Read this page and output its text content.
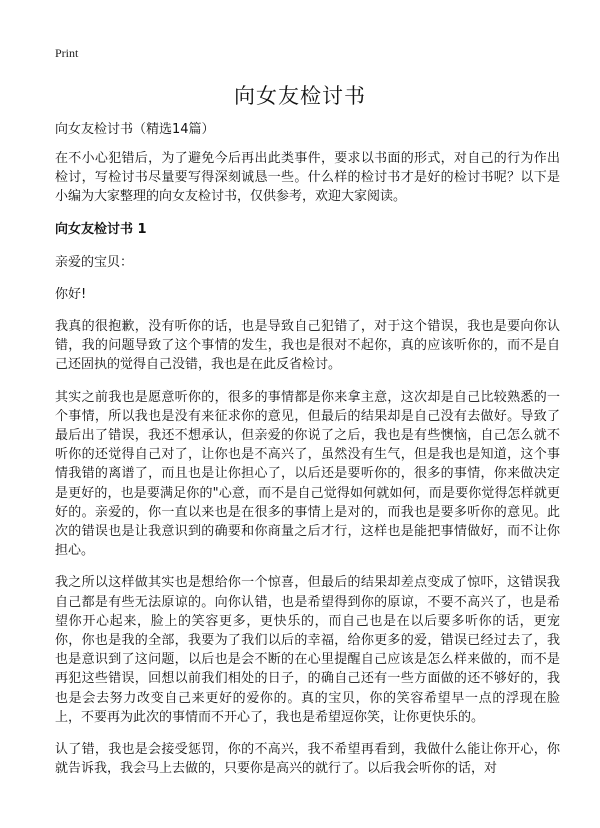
Print
向女友检讨书
向女友检讨书（精选14篇）

在不小心犯错后，为了避免今后再出此类事件，要求以书面的形式，对自己的行为作出检讨，写检讨书尽量要写得深刻诚恳一些。什么样的检讨书才是好的检讨书呢？以下是小编为大家整理的向女友检讨书，仅供参考，欢迎大家阅读。

向女友检讨书 1

亲爱的宝贝：

你好!

我真的很抱歉，没有听你的话，也是导致自己犯错了，对于这个错误，我也是要向你认错，我的问题导致了这个事情的发生，我也是很对不起你，真的应该听你的，而不是自己还固执的觉得自己没错，我也是在此反省检讨。

其实之前我也是愿意听你的，很多的事情都是你来拿主意，这次却是自己比较熟悉的一个事情，所以我也是没有来征求你的意见，但最后的结果却是自己没有去做好。导致了最后出了错误，我还不想承认，但亲爱的你说了之后，我也是有些懊恼，自己怎么就不听你的还觉得自己对了，让你也是不高兴了，虽然没有生气，但是我也是知道，这个事情我错的离谱了，而且也是让你担心了，以后还是要听你的，很多的事情，你来做决定是更好的，也是要满足你的"心意，而不是自己觉得如何就如何，而是要你觉得怎样就更好的。亲爱的，你一直以来也是在很多的事情上是对的，而我也是要多听你的意见。此次的错误也是让我意识到的确要和你商量之后才行，这样也是能把事情做好，而不让你担心。

我之所以这样做其实也是想给你一个惊喜，但最后的结果却差点变成了惊吓，这错误我自己都是有些无法原谅的。向你认错，也是希望得到你的原谅，不要不高兴了，也是希望你开心起来，脸上的笑容更多，更快乐的，而自己也是在以后要多听你的话，更宠你，你也是我的全部，我要为了我们以后的幸福，给你更多的爱，错误已经过去了，我也是意识到了这问题，以后也是会不断的在心里提醒自己应该是怎么样来做的，而不是再犯这些错误，回想以前我们相处的日子，的确自己还有一些方面做的还不够好的，我也是会去努力改变自己来更好的爱你的。真的宝贝，你的笑容希望早一点的浮现在脸上，不要再为此次的事情而不开心了，我也是希望逗你笑，让你更快乐的。

认了错，我也是会接受惩罚，你的不高兴，我不希望再看到，我做什么能让你开心，你就告诉我，我会马上去做的，只要你是高兴的就行了。以后我会听你的话，对
